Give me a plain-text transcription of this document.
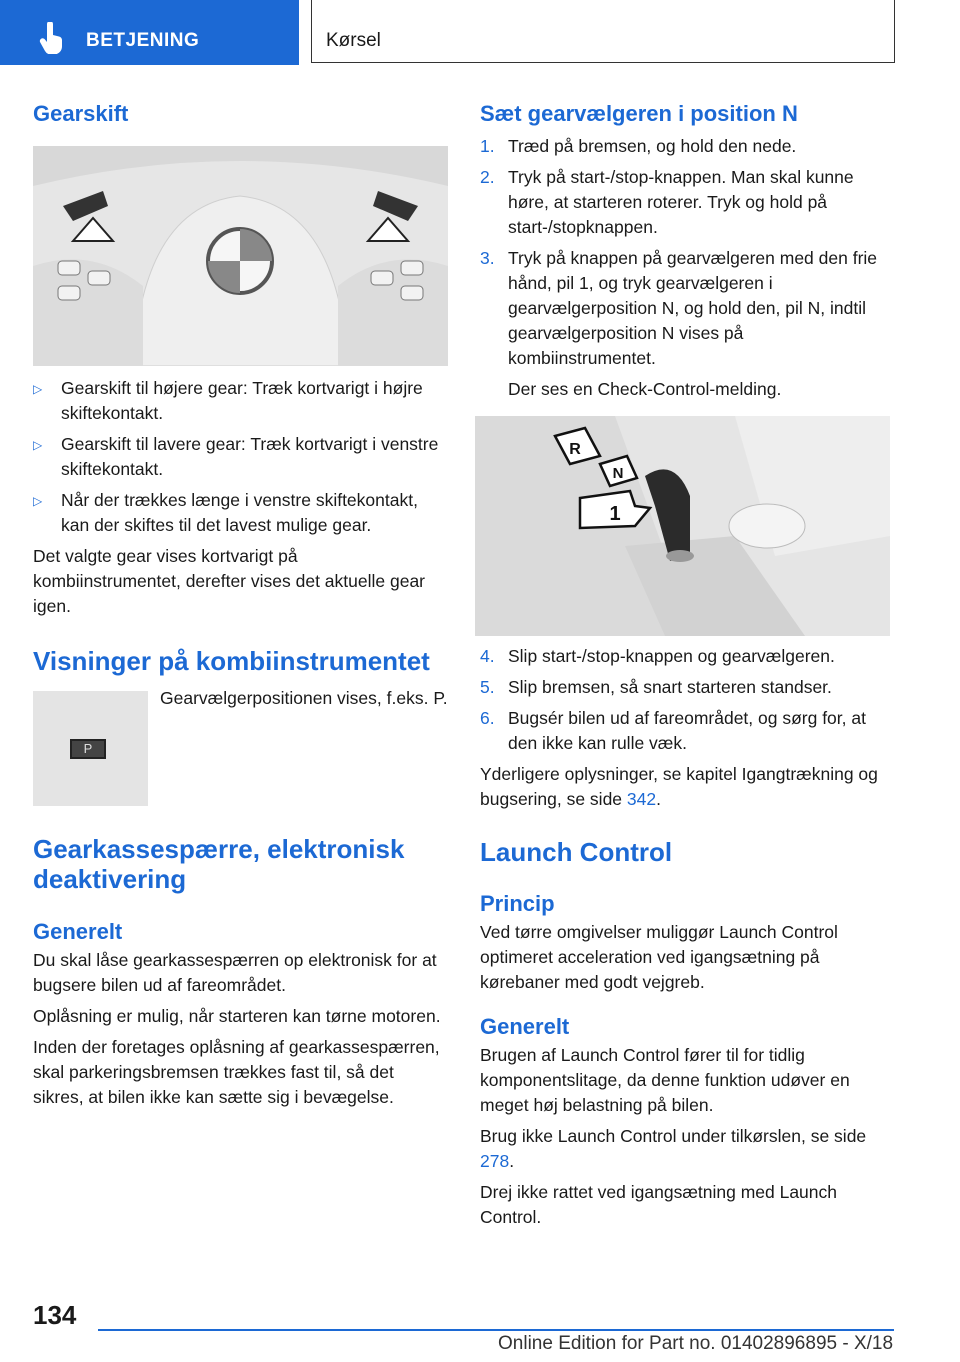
BETJENING	Kørsel
Gearskift
▷	Gearskift til højere gear: Træk kortvarigt i højre skiftekontakt.
▷	Gearskift til lavere gear: Træk kortvarigt i venstre skiftekontakt.
▷	Når der trækkes længe i venstre skiftekontakt, kan der skiftes til det lavest mulige gear.

Det valgte gear vises kortvarigt på kombiinstrumentet, derefter vises det aktuelle gear igen.

Visninger på kombiinstrumentet
P

Gearvælgerpositionen vises, f.eks. P.

Gearkassespærre, elektronisk deaktivering
Generelt

Du skal låse gearkassespærren op elektronisk for at bugsere bilen ud af fareområdet.

Oplåsning er mulig, når starteren kan tørne motoren.

Inden der foretages oplåsning af gearkassespærren, skal parkeringsbremsen trækkes fast til, så det sikres, at bilen ikke kan sætte sig i bevægelse.

Sæt gearvælgeren i position N
1. Træd på bremsen, og hold den nede.
2. Tryk på start-/stop-knappen. Man skal kunne høre, at starteren roterer. Tryk og hold på start-/stopknappen.
3. Tryk på knappen på gearvælgeren med den frie hånd, pil 1, og tryk gearvælgeren i gearvælgerposition N, og hold den, pil N, indtil gearvælgerposition N vises på kombiinstrumentet.

Der ses en Check-Control-melding.

R
N
1
4. Slip start-/stop-knappen og gearvælgeren.
5. Slip bremsen, så snart starteren standser.
6. Bugsér bilen ud af fareområdet, og sørg for, at den ikke kan rulle væk.

Yderligere oplysninger, se kapitel Igangtrækning og bugsering, se side 342.

Launch Control
Princip

Ved tørre omgivelser muliggør Launch Control optimeret acceleration ved igangsætning på kørebaner med godt vejgreb.

Generelt

Brugen af Launch Control fører til for tidlig komponentslitage, da denne funktion udøver en meget høj belastning på bilen.

Brug ikke Launch Control under tilkørslen, se side 278.

Drej ikke rattet ved igangsætning med Launch Control.

134
Online Edition for Part no. 01402896895 - X/18
